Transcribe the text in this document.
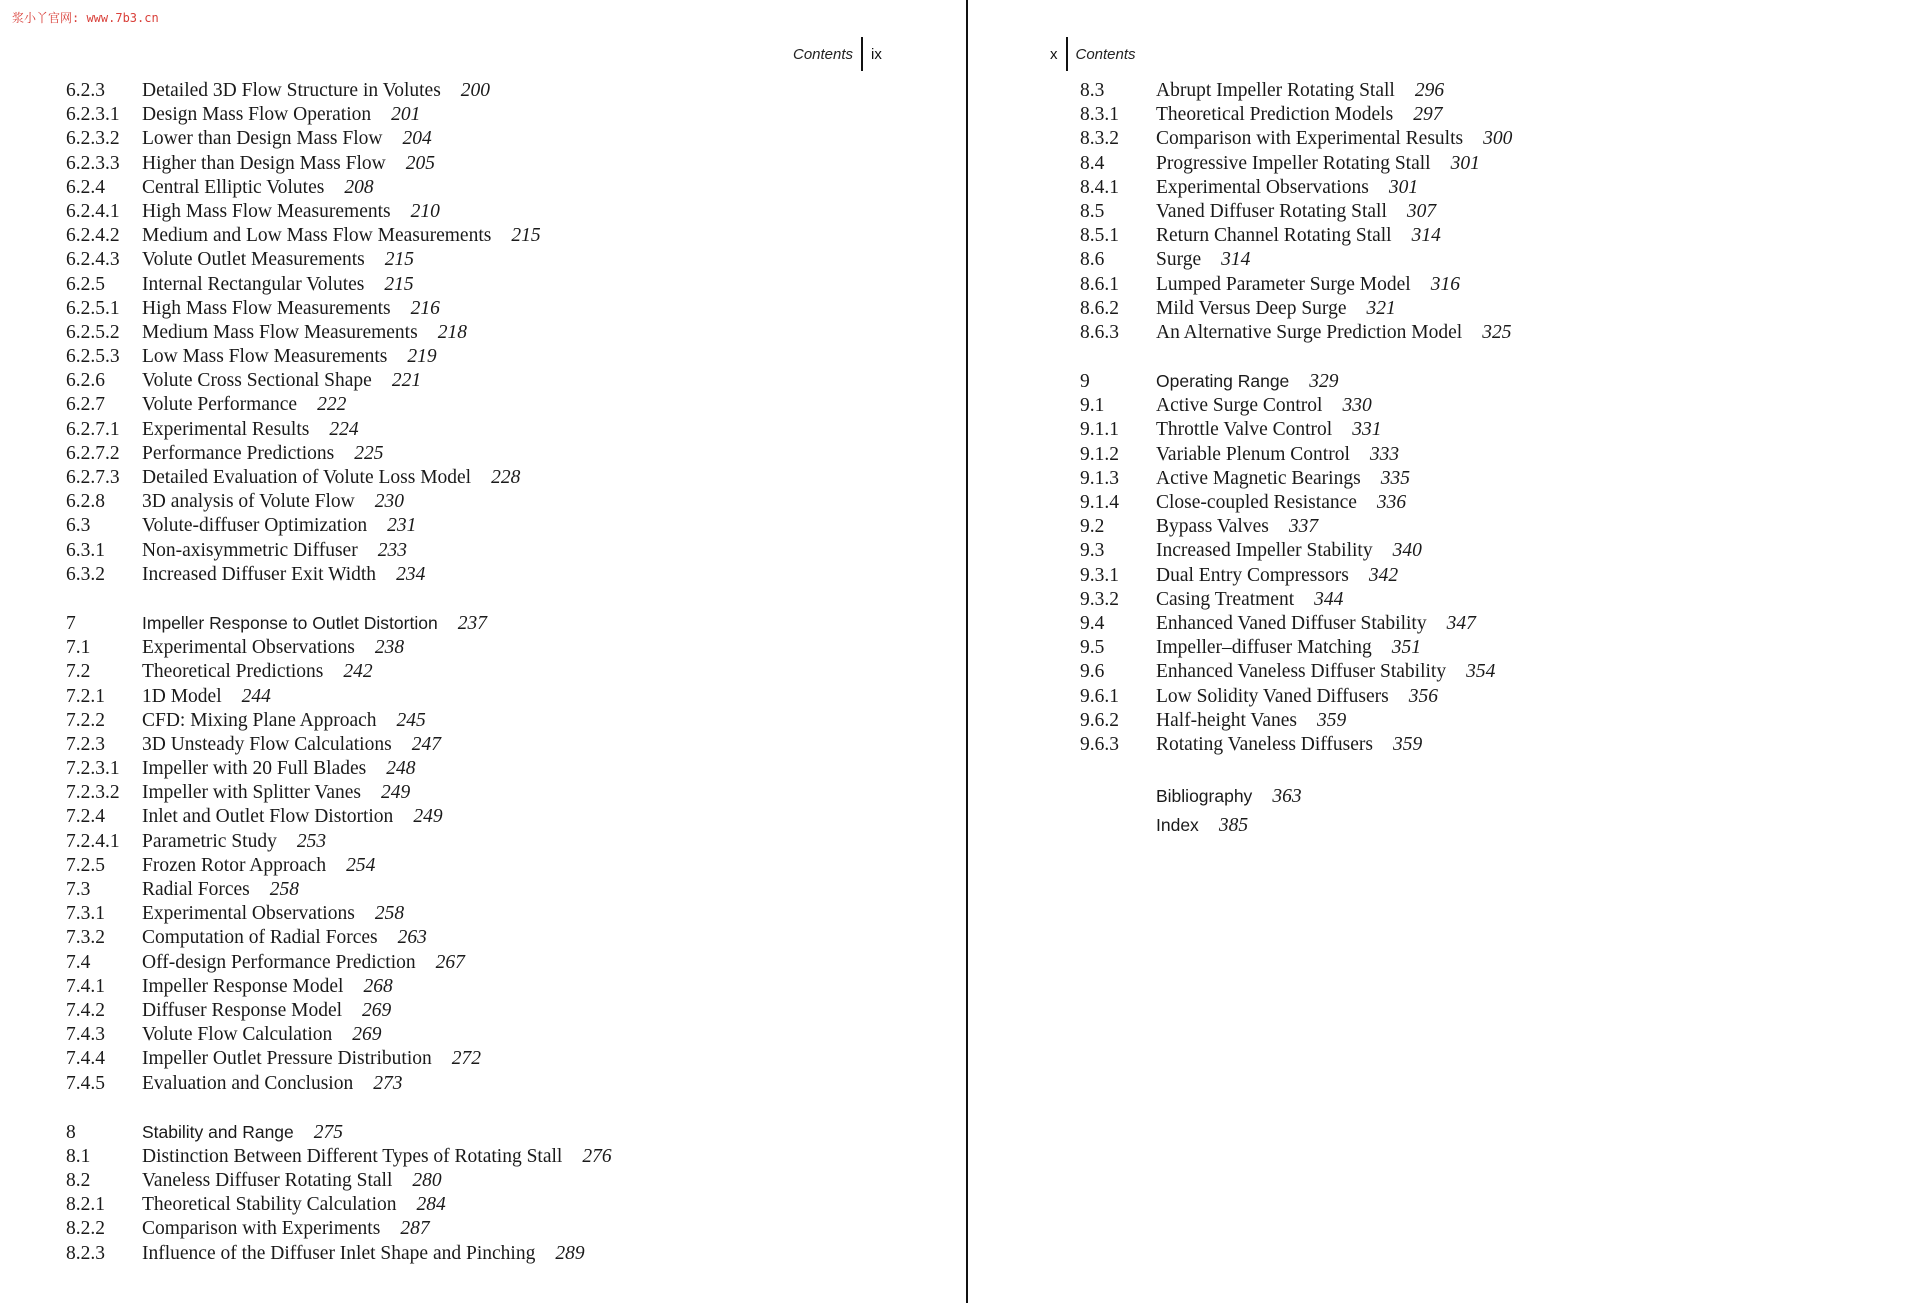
浆小丫官网: www.7b3.cn
Contents ix	x Contents
6.2.3	Detailed 3D Flow Structure in Volutes 200
6.2.3.1	Design Mass Flow Operation 201
6.2.3.2	Lower than Design Mass Flow 204
6.2.3.3	Higher than Design Mass Flow 205
6.2.4	Central Elliptic Volutes 208
6.2.4.1	High Mass Flow Measurements 210
6.2.4.2	Medium and Low Mass Flow Measurements 215
6.2.4.3	Volute Outlet Measurements 215
6.2.5	Internal Rectangular Volutes 215
6.2.5.1	High Mass Flow Measurements 216
6.2.5.2	Medium Mass Flow Measurements 218
6.2.5.3	Low Mass Flow Measurements 219
6.2.6	Volute Cross Sectional Shape 221
6.2.7	Volute Performance 222
6.2.7.1	Experimental Results 224
6.2.7.2	Performance Predictions 225
6.2.7.3	Detailed Evaluation of Volute Loss Model 228
6.2.8	3D analysis of Volute Flow 230
6.3	Volute-diffuser Optimization 231
6.3.1	Non-axisymmetric Diffuser 233
6.3.2	Increased Diffuser Exit Width 234
7	Impeller Response to Outlet Distortion 237
7.1	Experimental Observations 238
7.2	Theoretical Predictions 242
7.2.1	1D Model 244
7.2.2	CFD: Mixing Plane Approach 245
7.2.3	3D Unsteady Flow Calculations 247
7.2.3.1	Impeller with 20 Full Blades 248
7.2.3.2	Impeller with Splitter Vanes 249
7.2.4	Inlet and Outlet Flow Distortion 249
7.2.4.1	Parametric Study 253
7.2.5	Frozen Rotor Approach 254
7.3	Radial Forces 258
7.3.1	Experimental Observations 258
7.3.2	Computation of Radial Forces 263
7.4	Off-design Performance Prediction 267
7.4.1	Impeller Response Model 268
7.4.2	Diffuser Response Model 269
7.4.3	Volute Flow Calculation 269
7.4.4	Impeller Outlet Pressure Distribution 272
7.4.5	Evaluation and Conclusion 273
8	Stability and Range 275
8.1	Distinction Between Different Types of Rotating Stall 276
8.2	Vaneless Diffuser Rotating Stall 280
8.2.1	Theoretical Stability Calculation 284
8.2.2	Comparison with Experiments 287
8.2.3	Influence of the Diffuser Inlet Shape and Pinching 289
8.3	Abrupt Impeller Rotating Stall 296
8.3.1	Theoretical Prediction Models 297
8.3.2	Comparison with Experimental Results 300
8.4	Progressive Impeller Rotating Stall 301
8.4.1	Experimental Observations 301
8.5	Vaned Diffuser Rotating Stall 307
8.5.1	Return Channel Rotating Stall 314
8.6	Surge 314
8.6.1	Lumped Parameter Surge Model 316
8.6.2	Mild Versus Deep Surge 321
8.6.3	An Alternative Surge Prediction Model 325
9	Operating Range 329
9.1	Active Surge Control 330
9.1.1	Throttle Valve Control 331
9.1.2	Variable Plenum Control 333
9.1.3	Active Magnetic Bearings 335
9.1.4	Close-coupled Resistance 336
9.2	Bypass Valves 337
9.3	Increased Impeller Stability 340
9.3.1	Dual Entry Compressors 342
9.3.2	Casing Treatment 344
9.4	Enhanced Vaned Diffuser Stability 347
9.5	Impeller–diffuser Matching 351
9.6	Enhanced Vaneless Diffuser Stability 354
9.6.1	Low Solidity Vaned Diffusers 356
9.6.2	Half-height Vanes 359
9.6.3	Rotating Vaneless Diffusers 359
Bibliography 363
Index 385
